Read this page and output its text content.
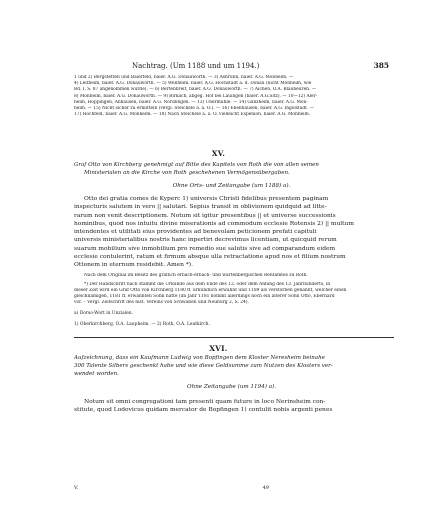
Nachtrag. (Um 1188 und um 1194.)	385
1 und 2) Bergstetten und Baierfeld, baier. A.G. Donauwörth. — 3) Ashrunn, baier. A.G. Monheim. —
4) Leitheim, baier. A.G. Donauwörth. — 5) Wellheim, baier. A.G. Höchstädt a. d. Donau (nicht Monheim, wie
Bd. I, S. 87 angenommen wurde). — 6) Bertenbreit, baier. A.G. Donauwörth. — 7) Aichen, O.A. Blaubeuren. —
8) Monheim, baier. A.G. Donauwörth. — 9) Birkach, abgeg. Hof bei Lauingen (baier. A.G.Sitz). — 10—12) Aler-
heim, Hoppingen, Anhausen, baier. A.G. Nördlingen. — 13) Ubermühle. — 14) Ganzheim, baier. A.G. Mon-
heim. — 15) Nicht sicher zu ermitteln (vergl. Steichele a. a. O.). — 16) Ebenhausen, baier. A.G. Ingolstadt. —
17) Hochfeld, baier. A.G. Monheim. — 18) Nach Steichele a. a. O. vielleicht Espenloh, baier. A.G. Monheim.
XV.
Graf Otto von Kirchberg genehmigt auf Bitte des Kapitels von Roth die von allen seinen
Ministerialen an die Kirche von Roth geschehenen Vermögensübergaben.
Ohne Orts- und Zeitangabe (um 1188) a).
Otto dei gratia comes de Kyperc 1) universis Christi fidelibus presentem paginam
inspecturis salutem in vero || salutari. Sepius transit in oblivionem quidquid ad litte-
rarum non venit descriptionem. Notum sit igitur presentibus || et universe successionis
hominibus, quod nos intuitu divine miserationis ad commodum ecclesie Rotensis 2) || multum
intendentes et utilitati eius providentes ad benevolam peticionem prefati capituli
universis ministerialibus nostris hanc inpertiri decrevimus licentiam, ut quicquid rerum
suarum mobilium sive inmobilium pro remedio sue salutis sive ad comparandum eidem
ecclesie contulerint, ratum et firmum absque ulla retractatione apud nos et filium nostrum
Ottonem in eternum residebit. Amen *).
Nach dem Original im Besitz des gräflich erbach-erbach- und wartenbergischen Rentamtes zu Roth.
*) Der Handschrift nach stammt die Urkunde aus dem Ende des 12. oder dem Anfang des 13. Jahrhunderts, in
dieser Zeit wird ein Graf Otto von Kirchberg 1180 ff. urkundlich erwähnt und 1189 als verstorben genannt, welcher einen
gleichnamigen, 1181 ff. erwähnten Sohn hatte (im Jahr 1181 kommt allerdings noch ein älterer Sohn Otto, Eberhard
vor. – Vergl. Zeitschrift des hist. Vereins von Schwaben und Neuburg 2, S. 24).
a) Dorso-Wort in Unzialen.
1) Oberkirchberg, O.A. Laupheim. — 2) Roth, O.A. Leutkirch.
XVI.
Aufzeichnung, dass ein Kaufmann Ludwig von Bopfingen dem Kloster Neresheim beinahe
300 Talente Silbers geschenkt habe und wie diese Geldsumme zum Nutzen des Klosters ver-
wendet worden.
Ohne Zeitangabe (um 1194) a).
Notum sit omni congregationi tam presenti quam future in loco Nerinsheim con-
stitute, quod Lodovicus quidam mercator de Bopfingen 1) contulit nobis argenti penes
V.	49
